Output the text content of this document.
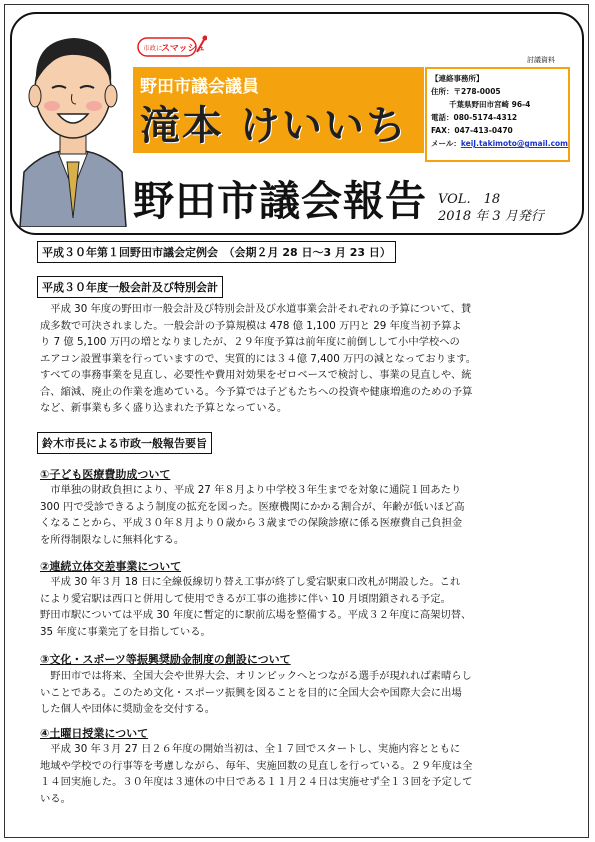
討議資料
市政に
スマッシュ
野田市議会議員
滝本 けいいち
【連絡事務所】
住所：〒278-0005
千葉県野田市宮崎 96-4
電話：080-5174-4312
FAX：047-413-0470
メール：keiJ.takimoto@gmail.com
野田市議会報告 VOL.　18
2018 年 3 月発行
平成３０年第１回野田市議会定例会　（会期２月 28 日～3 月 23 日）
平成３０年度一般会計及び特別会計

　平成 30 年度の野田市一般会計及び特別会計及び水道事業会計それぞれの予算について、賛

成多数で可決されました。一般会計の予算規模は 478 億 1,100 万円と 29 年度当初予算よ

り 7 億 5,100 万円の増となりましたが、２９年度予算は前年度に前倒しして小中学校への

エアコン設置事業を行っていますので、実質的には３４億 7,400 万円の減となっております。

すべての事務事業を見直し、必要性や費用対効果をゼロベースで検討し、事業の見直しや、統

合、縮減、廃止の作業を進めている。今予算では子どもたちへの投資や健康増進のための予算

など、新事業も多く盛り込まれた予算となっている。

鈴木市長による市政一般報告要旨
①子ども医療費助成ついて

　市単独の財政負担により、平成 27 年８月より中学校３年生までを対象に通院１回あたり

300 円で受診できるよう制度の拡充を図った。医療機関にかかる割合が、年齢が低いほど高

くなることから、平成３０年８月より０歳から３歳までの保険診療に係る医療費自己負担金

を所得制限なしに無料化する。

②連続立体交差事業について

　平成 30 年３月 18 日に全線仮線切り替え工事が終了し愛宕駅東口改札が開設した。これ

により愛宕駅は西口と併用して使用できるが工事の進捗に伴い 10 月頃閉鎖される予定。

野田市駅については平成 30 年度に暫定的に駅前広場を整備する。平成３２年度に高架切替、

35 年度に事業完了を目指している。

③文化・スポーツ等振興奨励金制度の創設について

　野田市では将来、全国大会や世界大会、オリンピックへとつながる選手が現れれば素晴らし

いことである。このため文化・スポーツ振興を図ることを目的に全国大会や国際大会に出場

した個人や団体に奨励金を交付する。

④土曜日授業について

　平成 30 年３月 27 日２６年度の開始当初は、全１７回でスタートし、実施内容とともに

地域や学校での行事等を考慮しながら、毎年、実施回数の見直しを行っている。２９年度は全

１４回実施した。３０年度は３連休の中日である１１月２４日は実施せず全１３回を予定して

いる。
